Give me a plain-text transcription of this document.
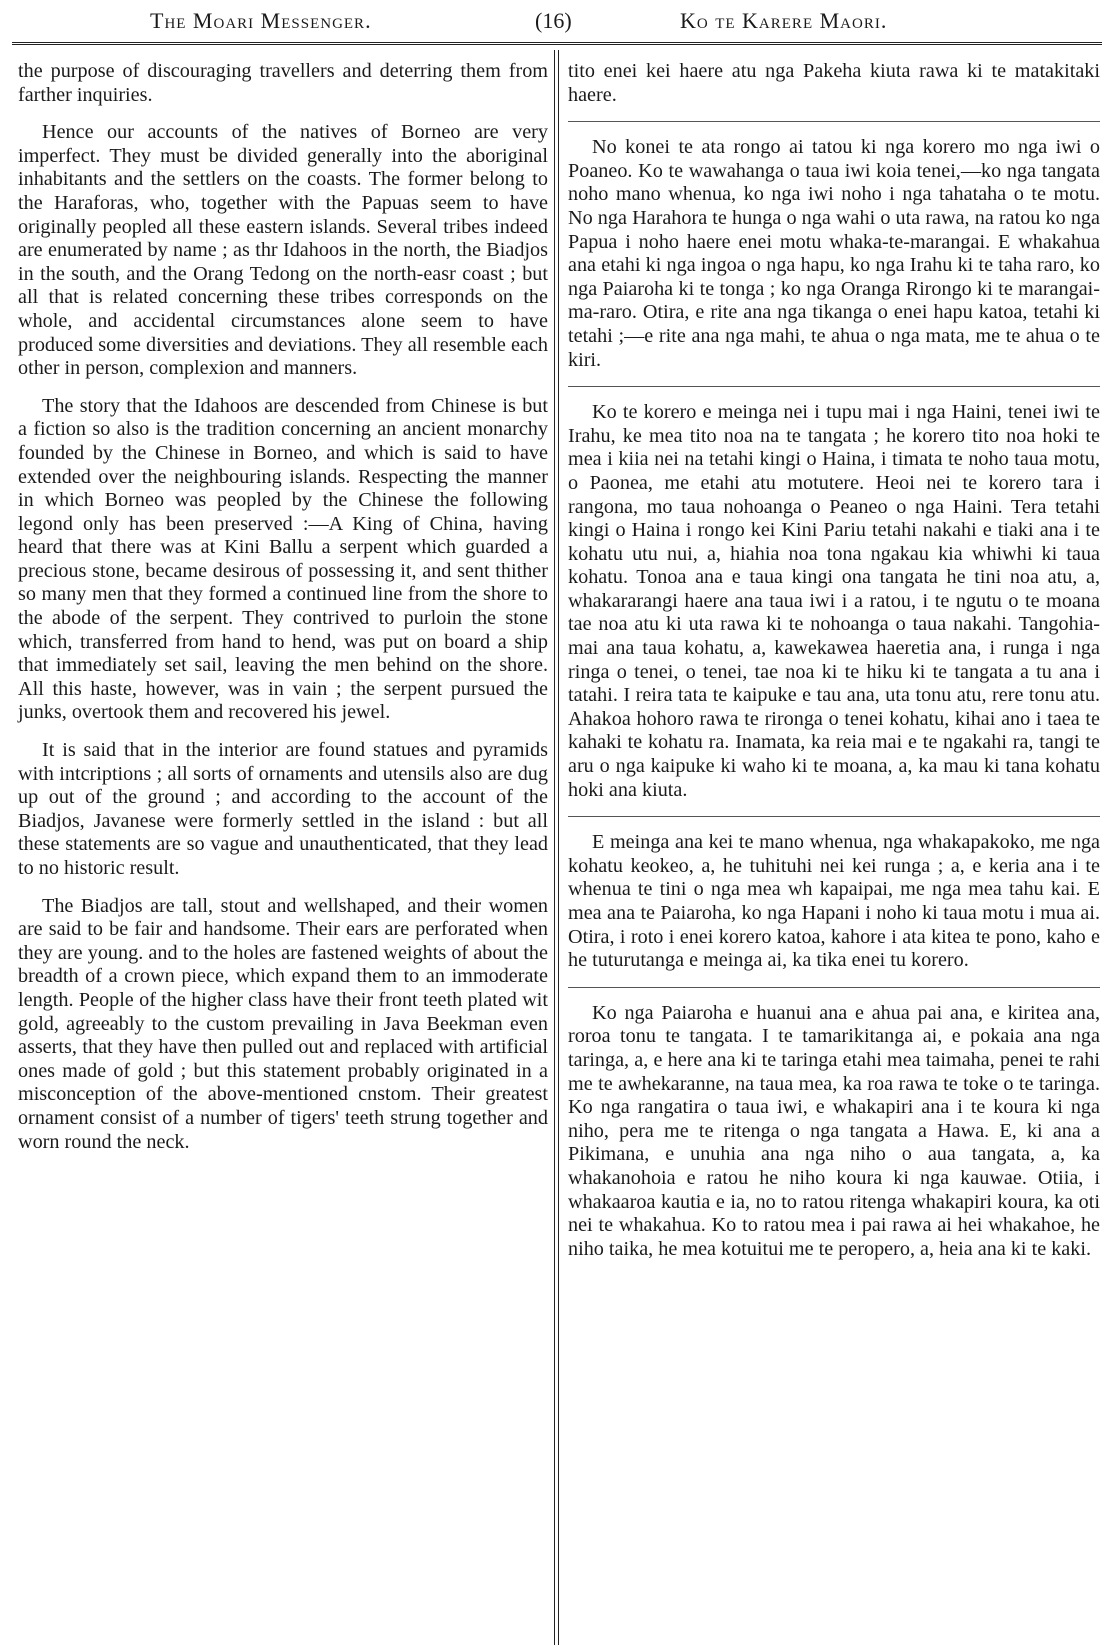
The Moari Messenger.	(16)	Ko te Karere Maori.

the purpose of discouraging travellers and deterring them from farther inquiries.

Hence our accounts of the natives of Borneo are very imperfect. They must be divided generally into the aboriginal inhabitants and the settlers on the coasts. The former belong to the Haraforas, who, together with the Papuas seem to have originally peopled all these eastern islands. Several tribes indeed are enumerated by name ; as thr Idahoos in the north, the Biadjos in the south, and the Orang Tedong on the north-easr coast ; but all that is related concerning these tribes corresponds on the whole, and accidental circumstances alone seem to have produced some diversities and deviations. They all resemble each other in person, complexion and manners.

The story that the Idahoos are descended from Chinese is but a fiction so also is the tradition concerning an ancient monarchy founded by the Chinese in Borneo, and which is said to have extended over the neighbouring islands. Respecting the manner in which Borneo was peopled by the Chinese the following legond only has been preserved :—A King of China, having heard that there was at Kini Ballu a serpent which guarded a precious stone, became desirous of possessing it, and sent thither so many men that they formed a continued line from the shore to the abode of the serpent. They contrived to purloin the stone which, transferred from hand to hend, was put on board a ship that immediately set sail, leaving the men behind on the shore. All this haste, however, was in vain ; the serpent pursued the junks, overtook them and recovered his jewel.

It is said that in the interior are found statues and pyramids with intcriptions ; all sorts of ornaments and utensils also are dug up out of the ground ; and according to the account of the Biadjos, Javanese were formerly settled in the island : but all these statements are so vague and unauthenticated, that they lead to no historic result.

The Biadjos are tall, stout and wellshaped, and their women are said to be fair and handsome. Their ears are perforated when they are young. and to the holes are fastened weights of about the breadth of a crown piece, which expand them to an immoderate length. People of the higher class have their front teeth plated wit gold, agreeably to the custom prevailing in Java Beekman even asserts, that they have then pulled out and replaced with artificial ones made of gold ; but this statement probably originated in a misconception of the above-mentioned cnstom. Their greatest ornament consist of a number of tigers' teeth strung together and worn round the neck.

tito enei kei haere atu nga Pakeha kiuta rawa ki te matakitaki haere.

No konei te ata rongo ai tatou ki nga korero mo nga iwi o Poaneo. Ko te wawahanga o taua iwi koia tenei,—ko nga tangata noho mano whenua, ko nga iwi noho i nga tahataha o te motu. No nga Harahora te hunga o nga wahi o uta rawa, na ratou ko nga Papua i noho haere enei motu whaka-te-marangai. E whakahua ana etahi ki nga ingoa o nga hapu, ko nga Irahu ki te taha raro, ko nga Paiaroha ki te tonga ; ko nga Oranga Rirongo ki te marangai-ma-raro. Otira, e rite ana nga tikanga o enei hapu katoa, tetahi ki tetahi ;—e rite ana nga mahi, te ahua o nga mata, me te ahua o te kiri.

Ko te korero e meinga nei i tupu mai i nga Haini, tenei iwi te Irahu, ke mea tito noa na te tangata ; he korero tito noa hoki te mea i kiia nei na tetahi kingi o Haina, i timata te noho taua motu, o Paonea, me etahi atu motutere. Heoi nei te korero tara i rangona, mo taua nohoanga o Peaneo o nga Haini. Tera tetahi kingi o Haina i rongo kei Kini Pariu tetahi nakahi e tiaki ana i te kohatu utu nui, a, hiahia noa tona ngakau kia whiwhi ki taua kohatu. Tonoa ana e taua kingi ona tangata he tini noa atu, a, whakararangi haere ana taua iwi i a ratou, i te ngutu o te moana tae noa atu ki uta rawa ki te nohoanga o taua nakahi. Tangohia-mai ana taua kohatu, a, kawekawea haeretia ana, i runga i nga ringa o tenei, o tenei, tae noa ki te hiku ki te tangata a tu ana i tatahi. I reira tata te kaipuke e tau ana, uta tonu atu, rere tonu atu. Ahakoa hohoro rawa te rironga o tenei kohatu, kihai ano i taea te kahaki te kohatu ra. Inamata, ka reia mai e te ngakahi ra, tangi te aru o nga kaipuke ki waho ki te moana, a, ka mau ki tana kohatu hoki ana kiuta.

E meinga ana kei te mano whenua, nga whakapakoko, me nga kohatu keokeo, a, he tuhituhi nei kei runga ; a, e keria ana i te whenua te tini o nga mea wh kapaipai, me nga mea tahu kai. E mea ana te Paiaroha, ko nga Hapani i noho ki taua motu i mua ai. Otira, i roto i enei korero katoa, kahore i ata kitea te pono, kaho e he tuturutanga e meinga ai, ka tika enei tu korero.

Ko nga Paiaroha e huanui ana e ahua pai ana, e kiritea ana, roroa tonu te tangata. I te tamarikitanga ai, e pokaia ana nga taringa, a, e here ana ki te taringa etahi mea taimaha, penei te rahi me te awhekaranne, na taua mea, ka roa rawa te toke o te taringa. Ko nga rangatira o taua iwi, e whakapiri ana i te koura ki nga niho, pera me te ritenga o nga tangata a Hawa. E, ki ana a Pikimana, e unuhia ana nga niho o aua tangata, a, ka whakanohoia e ratou he niho koura ki nga kauwae. Otiia, i whakaaroa kautia e ia, no to ratou ritenga whakapiri koura, ka oti nei te whakahua. Ko to ratou mea i pai rawa ai hei whakahoe, he niho taika, he mea kotuitui me te peropero, a, heia ana ki te kaki.
